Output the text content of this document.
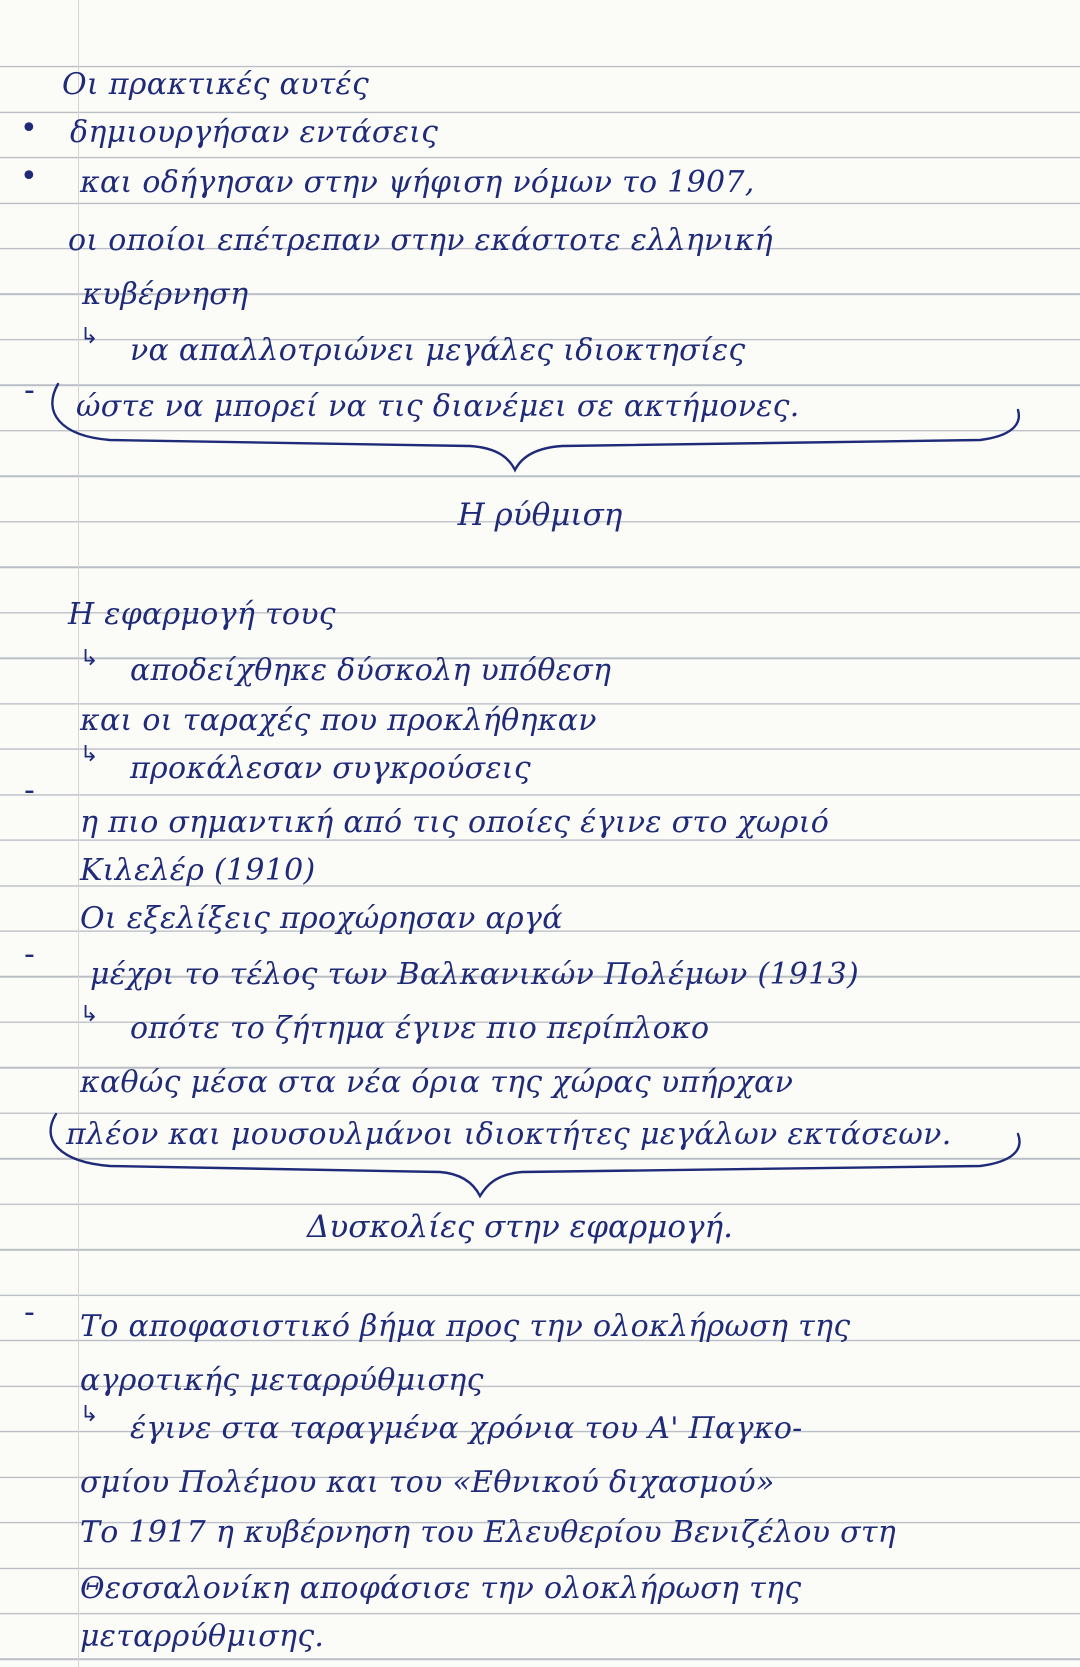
Οι πρακτικές αυτές
• δημιουργήσαν εντάσεις
• και οδήγησαν στην ψήφιση νόμων το 1907,
οι οποίοι επέτρεπαν στην εκάστοτε ελληνική
κυβέρνηση
↳ να απαλλοτριώνει μεγάλες ιδιοκτησίες
- ώστε να μπορεί να τις διανέμει σε ακτήμονες.
Η ρύθμιση
Η εφαρμογή τους
↳ αποδείχθηκε δύσκολη υπόθεση
και οι ταραχές που προκλήθηκαν
↳ προκάλεσαν συγκρούσεις
-
η πιο σημαντική από τις οποίες έγινε στο χωριό
Κιλελέρ (1910)
Οι εξελίξεις προχώρησαν αργά
-
μέχρι το τέλος των Βαλκανικών Πολέμων (1913)
↳ οπότε το ζήτημα έγινε πιο περίπλοκο
καθώς μέσα στα νέα όρια της χώρας υπήρχαν
πλέον και μουσουλμάνοι ιδιοκτήτες μεγάλων εκτάσεων.
Δυσκολίες στην εφαρμογή.
- Το αποφασιστικό βήμα προς την ολοκλήρωση της
αγροτικής μεταρρύθμισης
↳ έγινε στα ταραγμένα χρόνια του Α' Παγκο-
σμίου Πολέμου και του «Εθνικού διχασμού»
Το 1917 η κυβέρνηση του Ελευθερίου Βενιζέλου στη
Θεσσαλονίκη αποφάσισε την ολοκλήρωση της
μεταρρύθμισης.
